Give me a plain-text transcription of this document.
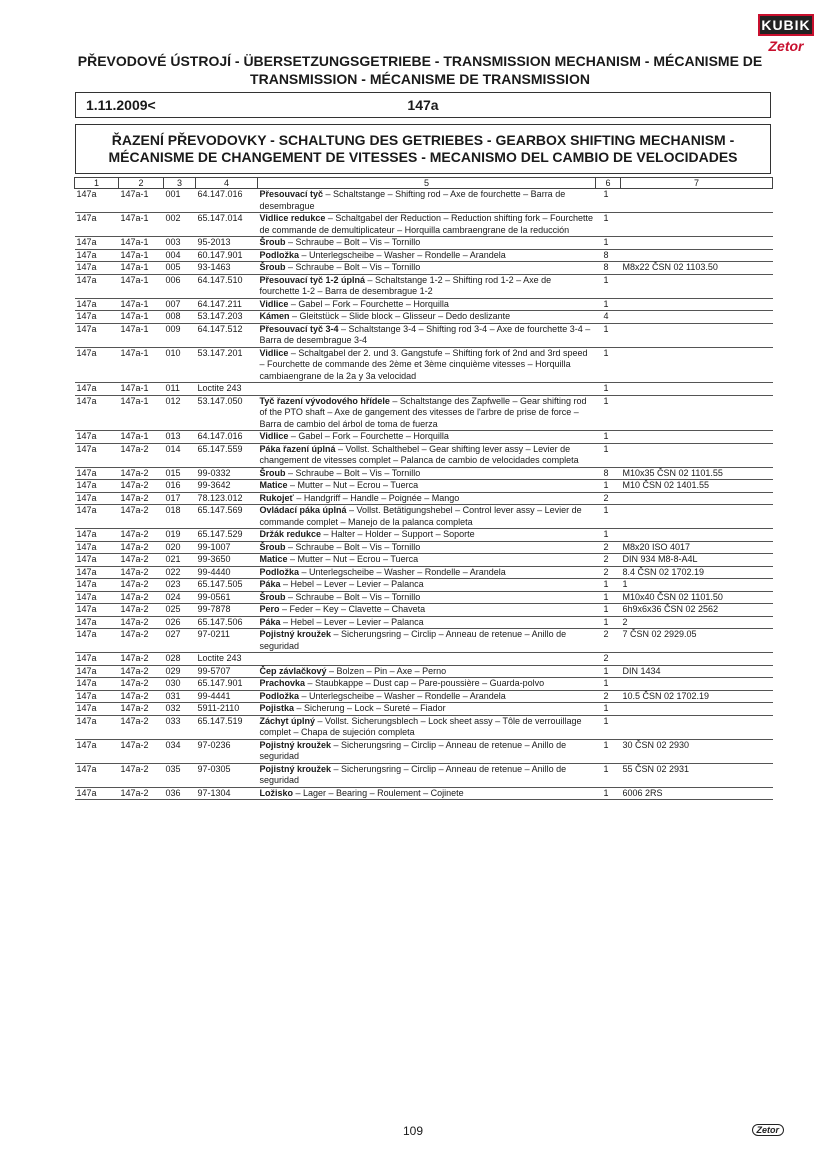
KUBIK
Zetor
PŘEVODOVÉ ÚSTROJÍ - ÜBERSETZUNGSGETRIEBE - TRANSMISSION MECHANISM - MÉCANISME DE
TRANSMISSION - MÉCANISME DE TRANSMISSION
1.11.2009<	147a
ŘAZENÍ PŘEVODOVKY - SCHALTUNG DES GETRIEBES - GEARBOX SHIFTING MECHANISM -
MÉCANISME DE CHANGEMENT DE VITESSES - MECANISMO DEL CAMBIO DE VELOCIDADES
1	2	3	4	5	6	7
147a	147a-1	001	64.147.016	Přesouvací tyč – Schaltstange – Shifting rod – Axe de fourchette – Barra de desembrague	1	
147a	147a-1	002	65.147.014	Vidlice redukce – Schaltgabel der Reduction – Reduction shifting fork – Fourchette de commande de demultiplicateur – Horquilla cambraengrane de la reducción	1	
147a	147a-1	003	95-2013	Šroub – Schraube – Bolt – Vis – Tornillo	1	
147a	147a-1	004	60.147.901	Podložka – Unterlegscheibe – Washer – Rondelle – Arandela	8	
147a	147a-1	005	93-1463	Šroub – Schraube – Bolt – Vis – Tornillo	8	M8x22 ČSN 02 1103.50
147a	147a-1	006	64.147.510	Přesouvací tyč 1-2 úplná – Schaltstange 1-2 – Shifting rod 1-2 – Axe de fourchette 1-2 – Barra de desembrague 1-2	1	
147a	147a-1	007	64.147.211	Vidlice – Gabel – Fork – Fourchette – Horquilla	1	
147a	147a-1	008	53.147.203	Kámen – Gleitstück – Slide block – Glisseur – Dedo deslizante	4	
147a	147a-1	009	64.147.512	Přesouvací tyč 3-4 – Schaltstange 3-4 – Shifting rod 3-4 – Axe de fourchette 3-4 – Barra de desembrague 3-4	1	
147a	147a-1	010	53.147.201	Vidlice – Schaltgabel der 2. und 3. Gangstufe – Shifting fork of 2nd and 3rd speed – Fourchette de commande des 2ème et 3ème cinquième vitesses – Horquilla cambiaengrane de la 2a y 3a velocidad	1	
147a	147a-1	011	Loctite 243		1	
147a	147a-1	012	53.147.050	Tyč řazení vývodového hřídele – Schaltstange des Zapfwelle – Gear shifting rod of the PTO shaft – Axe de gangement des vitesses de l'arbre de prise de force – Barra de cambio del árbol de toma de fuerza	1	
147a	147a-1	013	64.147.016	Vidlice – Gabel – Fork – Fourchette – Horquilla	1	
147a	147a-2	014	65.147.559	Páka řazení úplná – Vollst. Schalthebel – Gear shifting lever assy – Levier de changement de vitesses complet – Palanca de cambio de velocidades completa	1	
147a	147a-2	015	99-0332	Šroub – Schraube – Bolt – Vis – Tornillo	8	M10x35 ČSN 02 1101.55
147a	147a-2	016	99-3642	Matice – Mutter – Nut – Ecrou – Tuerca	1	M10 ČSN 02 1401.55
147a	147a-2	017	78.123.012	Rukojeť – Handgriff – Handle – Poignée – Mango	2	
147a	147a-2	018	65.147.569	Ovládací páka úplná – Vollst. Betätigungshebel – Control lever assy – Levier de commande complet – Manejo de la palanca completa	1	
147a	147a-2	019	65.147.529	Držák redukce – Halter – Holder – Support – Soporte	1	
147a	147a-2	020	99-1007	Šroub – Schraube – Bolt – Vis – Tornillo	2	M8x20 ISO 4017
147a	147a-2	021	99-3650	Matice – Mutter – Nut – Ecrou – Tuerca	2	DIN 934 M8-8-A4L
147a	147a-2	022	99-4440	Podložka – Unterlegscheibe – Washer – Rondelle – Arandela	2	8.4 ČSN 02 1702.19
147a	147a-2	023	65.147.505	Páka – Hebel – Lever – Levier – Palanca	1	1
147a	147a-2	024	99-0561	Šroub – Schraube – Bolt – Vis – Tornillo	1	M10x40 ČSN 02 1101.50
147a	147a-2	025	99-7878	Pero – Feder – Key – Clavette – Chaveta	1	6h9x6x36 ČSN 02 2562
147a	147a-2	026	65.147.506	Páka – Hebel – Lever – Levier – Palanca	1	2
147a	147a-2	027	97-0211	Pojistný kroužek – Sicherungsring – Circlip – Anneau de retenue – Anillo de seguridad	2	7 ČSN 02 2929.05
147a	147a-2	028	Loctite 243		2	
147a	147a-2	029	99-5707	Čep závlačkový – Bolzen – Pin – Axe – Perno	1	DIN 1434
147a	147a-2	030	65.147.901	Prachovka – Staubkappe – Dust cap – Pare-poussière – Guarda-polvo	1	
147a	147a-2	031	99-4441	Podložka – Unterlegscheibe – Washer – Rondelle – Arandela	2	10.5 ČSN 02 1702.19
147a	147a-2	032	5911-2110	Pojistka – Sicherung – Lock – Sureté – Fiador	1	
147a	147a-2	033	65.147.519	Záchyt úplný – Vollst. Sicherungsblech – Lock sheet assy – Tôle de verrouillage complet – Chapa de sujeción completa	1	
147a	147a-2	034	97-0236	Pojistný kroužek – Sicherungsring – Circlip – Anneau de retenue – Anillo de seguridad	1	30 ČSN 02 2930
147a	147a-2	035	97-0305	Pojistný kroužek – Sicherungsring – Circlip – Anneau de retenue – Anillo de seguridad	1	55 ČSN 02 2931
147a	147a-2	036	97-1304	Ložisko – Lager – Bearing – Roulement – Cojinete	1	6006 2RS
109	Zetor
